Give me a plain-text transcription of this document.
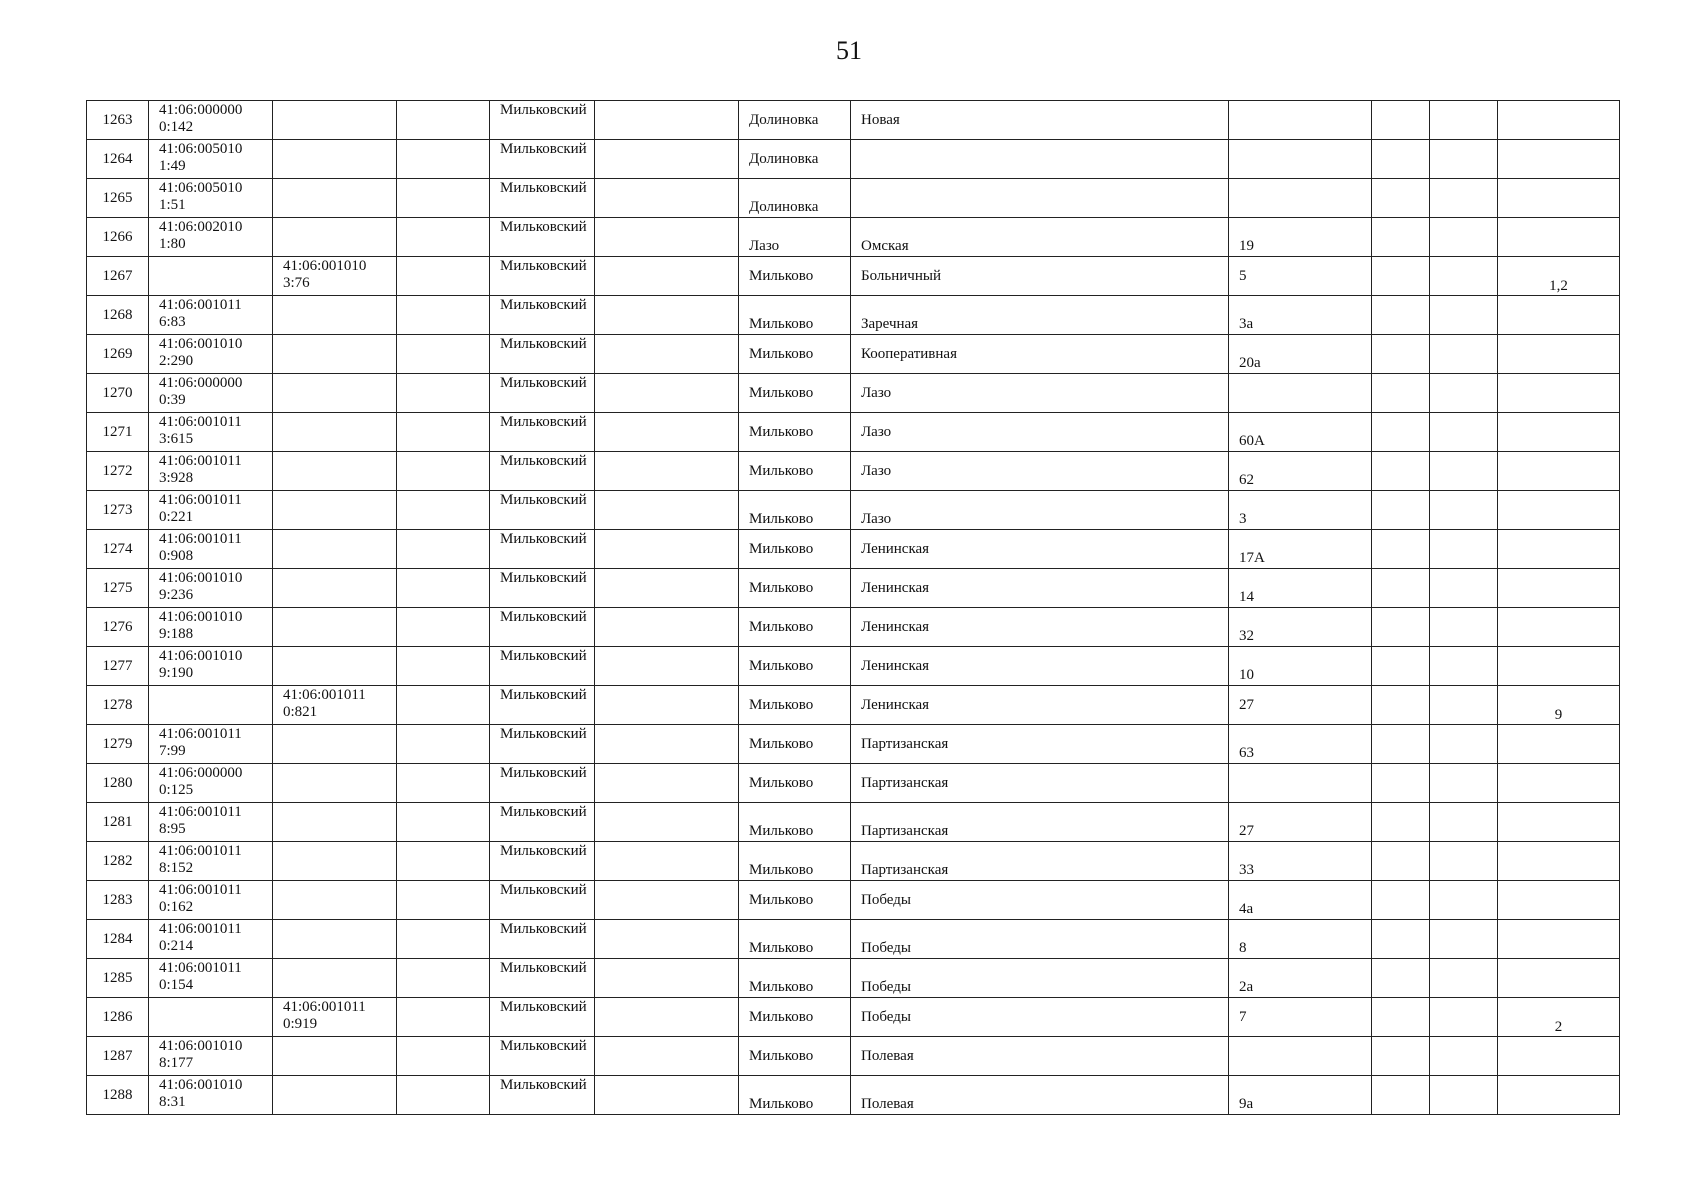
51
1263	41:06:0000000:142			Мильковский		Долиновка	Новая				
1264	41:06:0050101:49			Мильковский		Долиновка					
1265	41:06:0050101:51			Мильковский		Долиновка					
1266	41:06:0020101:80			Мильковский		Лазо	Омская	19			
1267		41:06:0010103:76		Мильковский		Мильково	Больничный	5			1,2
1268	41:06:0010116:83			Мильковский		Мильково	Заречная	3а			
1269	41:06:0010102:290			Мильковский		Мильково	Кооперативная	20а			
1270	41:06:0000000:39			Мильковский		Мильково	Лазо				
1271	41:06:0010113:615			Мильковский		Мильково	Лазо	60А			
1272	41:06:0010113:928			Мильковский		Мильково	Лазо	62			
1273	41:06:0010110:221			Мильковский		Мильково	Лазо	3			
1274	41:06:0010110:908			Мильковский		Мильково	Ленинская	17А			
1275	41:06:0010109:236			Мильковский		Мильково	Ленинская	14			
1276	41:06:0010109:188			Мильковский		Мильково	Ленинская	32			
1277	41:06:0010109:190			Мильковский		Мильково	Ленинская	10			
1278		41:06:0010110:821		Мильковский		Мильково	Ленинская	27			9
1279	41:06:0010117:99			Мильковский		Мильково	Партизанская	63			
1280	41:06:0000000:125			Мильковский		Мильково	Партизанская				
1281	41:06:0010118:95			Мильковский		Мильково	Партизанская	27			
1282	41:06:0010118:152			Мильковский		Мильково	Партизанская	33			
1283	41:06:0010110:162			Мильковский		Мильково	Победы	4а			
1284	41:06:0010110:214			Мильковский		Мильково	Победы	8			
1285	41:06:0010110:154			Мильковский		Мильково	Победы	2а			
1286		41:06:0010110:919		Мильковский		Мильково	Победы	7			2
1287	41:06:0010108:177			Мильковский		Мильково	Полевая				
1288	41:06:0010108:31			Мильковский		Мильково	Полевая	9а			
